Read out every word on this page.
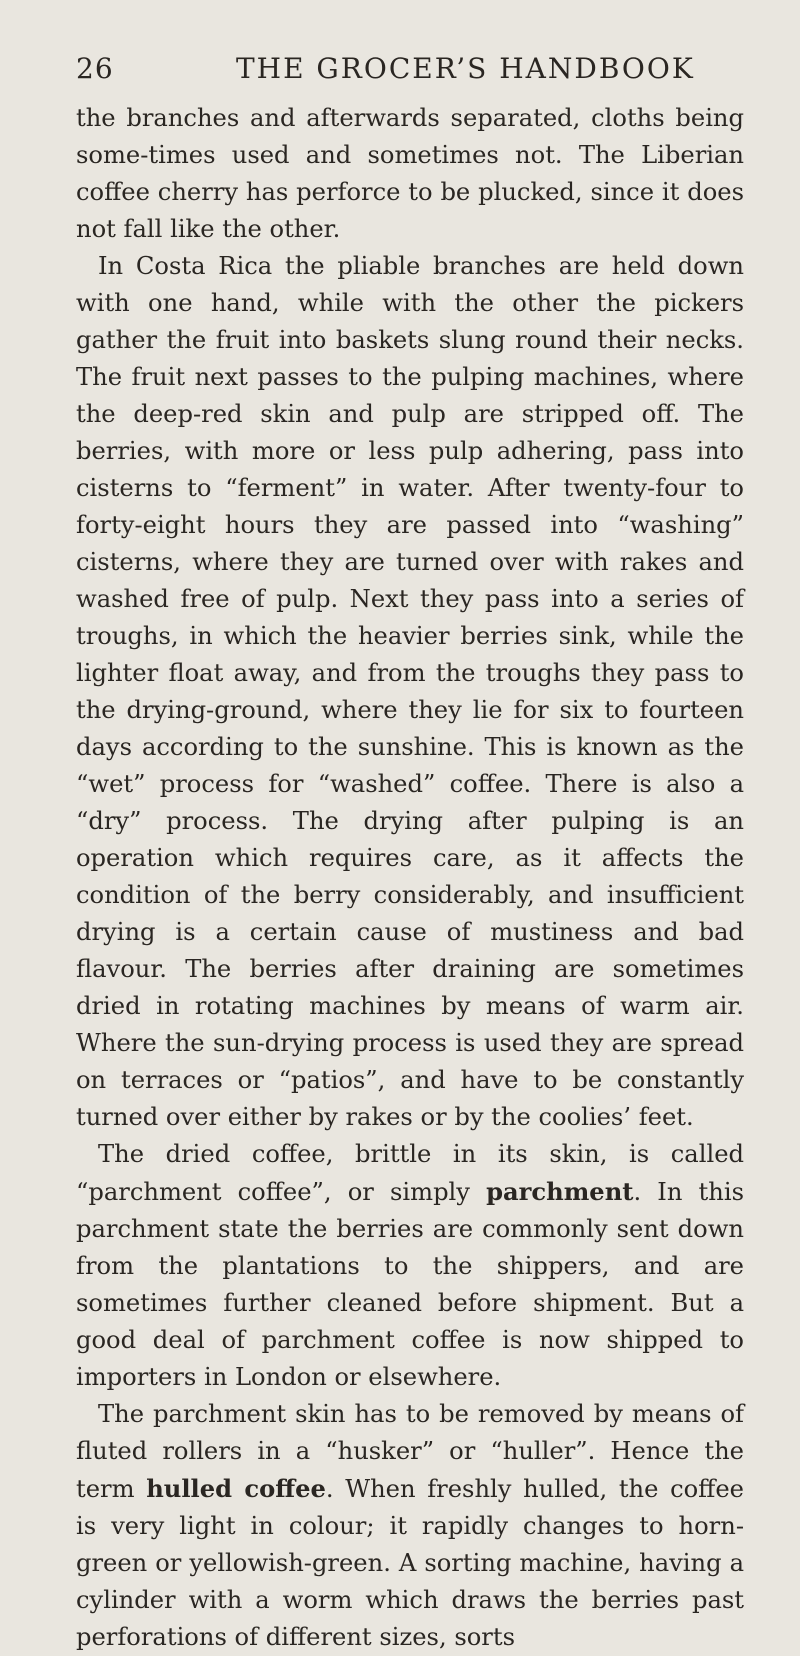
26	THE GROCER’S HANDBOOK

the branches and afterwards separated, cloths being some-times used and sometimes not. The Liberian coffee cherry has perforce to be plucked, since it does not fall like the other.

In Costa Rica the pliable branches are held down with one hand, while with the other the pickers gather the fruit into baskets slung round their necks. The fruit next passes to the pulping machines, where the deep-red skin and pulp are stripped off. The berries, with more or less pulp adhering, pass into cisterns to “ferment” in water. After twenty-four to forty-eight hours they are passed into “washing” cisterns, where they are turned over with rakes and washed free of pulp. Next they pass into a series of troughs, in which the heavier berries sink, while the lighter float away, and from the troughs they pass to the drying-ground, where they lie for six to fourteen days according to the sunshine. This is known as the “wet” process for “washed” coffee. There is also a “dry” process. The drying after pulping is an operation which requires care, as it affects the condition of the berry considerably, and insufficient drying is a certain cause of mustiness and bad flavour. The berries after draining are sometimes dried in rotating machines by means of warm air. Where the sun-drying process is used they are spread on terraces or “patios”, and have to be constantly turned over either by rakes or by the coolies’ feet.

The dried coffee, brittle in its skin, is called “parchment coffee”, or simply parchment. In this parchment state the berries are commonly sent down from the plantations to the shippers, and are sometimes further cleaned before shipment. But a good deal of parchment coffee is now shipped to importers in London or elsewhere.

The parchment skin has to be removed by means of fluted rollers in a “husker” or “huller”. Hence the term hulled coffee. When freshly hulled, the coffee is very light in colour; it rapidly changes to horn-green or yellowish-green. A sorting machine, having a cylinder with a worm which draws the berries past perforations of different sizes, sorts
